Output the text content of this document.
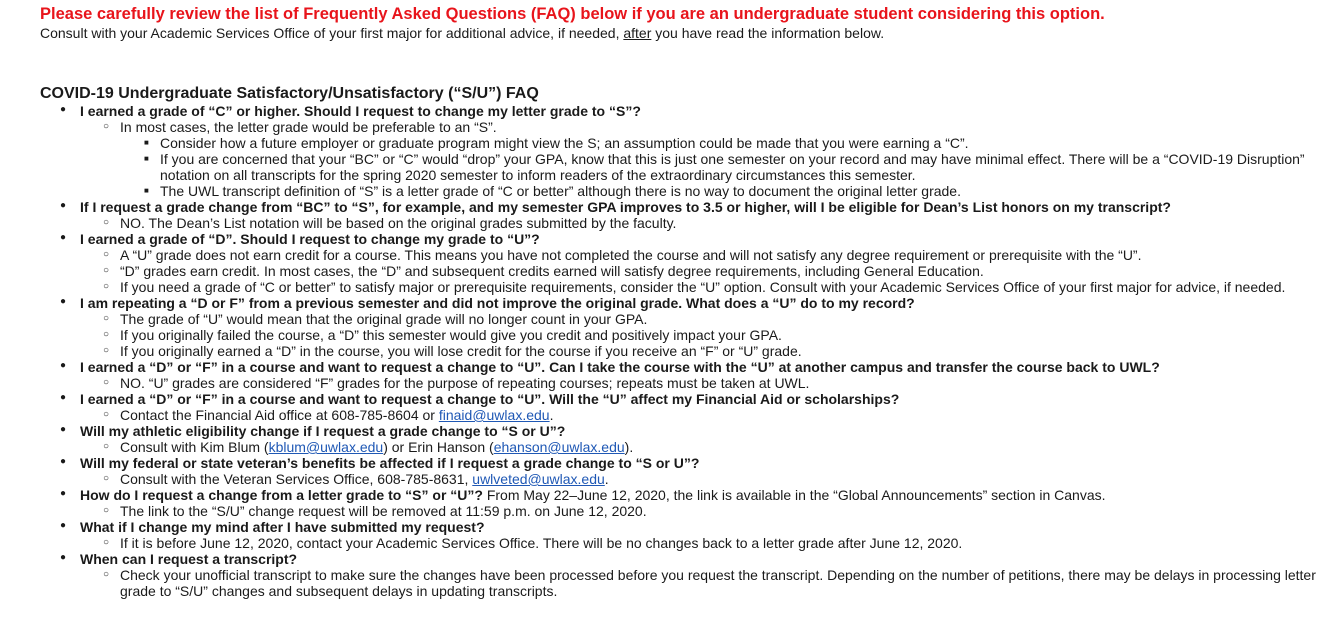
Please carefully review the list of Frequently Asked Questions (FAQ) below if you are an undergraduate student considering this option.

Consult with your Academic Services Office of your first major for additional advice, if needed, after you have read the information below.

COVID-19 Undergraduate Satisfactory/Unsatisfactory (“S/U”) FAQ

● I earned a grade of “C” or higher. Should I request to change my letter grade to “S”?
○ In most cases, the letter grade would be preferable to an “S”.
■ Consider how a future employer or graduate program might view the S; an assumption could be made that you were earning a “C”.
■ If you are concerned that your “BC” or “C” would “drop” your GPA, know that this is just one semester on your record and may have minimal effect. There will be a “COVID-19 Disruption” notation on all transcripts for the spring 2020 semester to inform readers of the extraordinary circumstances this semester.
■ The UWL transcript definition of “S” is a letter grade of “C or better” although there is no way to document the original letter grade.
● If I request a grade change from “BC” to “S”, for example, and my semester GPA improves to 3.5 or higher, will I be eligible for Dean’s List honors on my transcript?
○ NO. The Dean’s List notation will be based on the original grades submitted by the faculty.
● I earned a grade of “D”. Should I request to change my grade to “U”?
○ A “U” grade does not earn credit for a course. This means you have not completed the course and will not satisfy any degree requirement or prerequisite with the “U”.
○ “D” grades earn credit. In most cases, the “D” and subsequent credits earned will satisfy degree requirements, including General Education.
○ If you need a grade of “C or better” to satisfy major or prerequisite requirements, consider the “U” option. Consult with your Academic Services Office of your first major for advice, if needed.
● I am repeating a “D or F” from a previous semester and did not improve the original grade. What does a “U” do to my record?
○ The grade of “U” would mean that the original grade will no longer count in your GPA.
○ If you originally failed the course, a “D” this semester would give you credit and positively impact your GPA.
○ If you originally earned a “D” in the course, you will lose credit for the course if you receive an “F” or “U” grade.
● I earned a “D” or “F” in a course and want to request a change to “U”. Can I take the course with the “U” at another campus and transfer the course back to UWL?
○ NO. “U” grades are considered “F” grades for the purpose of repeating courses; repeats must be taken at UWL.
● I earned a “D” or “F” in a course and want to request a change to “U”. Will the “U” affect my Financial Aid or scholarships?
○ Contact the Financial Aid office at 608-785-8604 or finaid@uwlax.edu.
● Will my athletic eligibility change if I request a grade change to “S or U”?
○ Consult with Kim Blum (kblum@uwlax.edu) or Erin Hanson (ehanson@uwlax.edu).
● Will my federal or state veteran’s benefits be affected if I request a grade change to “S or U”?
○ Consult with the Veteran Services Office, 608-785-8631, uwlveted@uwlax.edu.
● How do I request a change from a letter grade to “S” or “U”? From May 22–June 12, 2020, the link is available in the “Global Announcements” section in Canvas.
○ The link to the “S/U” change request will be removed at 11:59 p.m. on June 12, 2020.
● What if I change my mind after I have submitted my request?
○ If it is before June 12, 2020, contact your Academic Services Office. There will be no changes back to a letter grade after June 12, 2020.
● When can I request a transcript?
○ Check your unofficial transcript to make sure the changes have been processed before you request the transcript. Depending on the number of petitions, there may be delays in processing letter grade to “S/U” changes and subsequent delays in updating transcripts.
